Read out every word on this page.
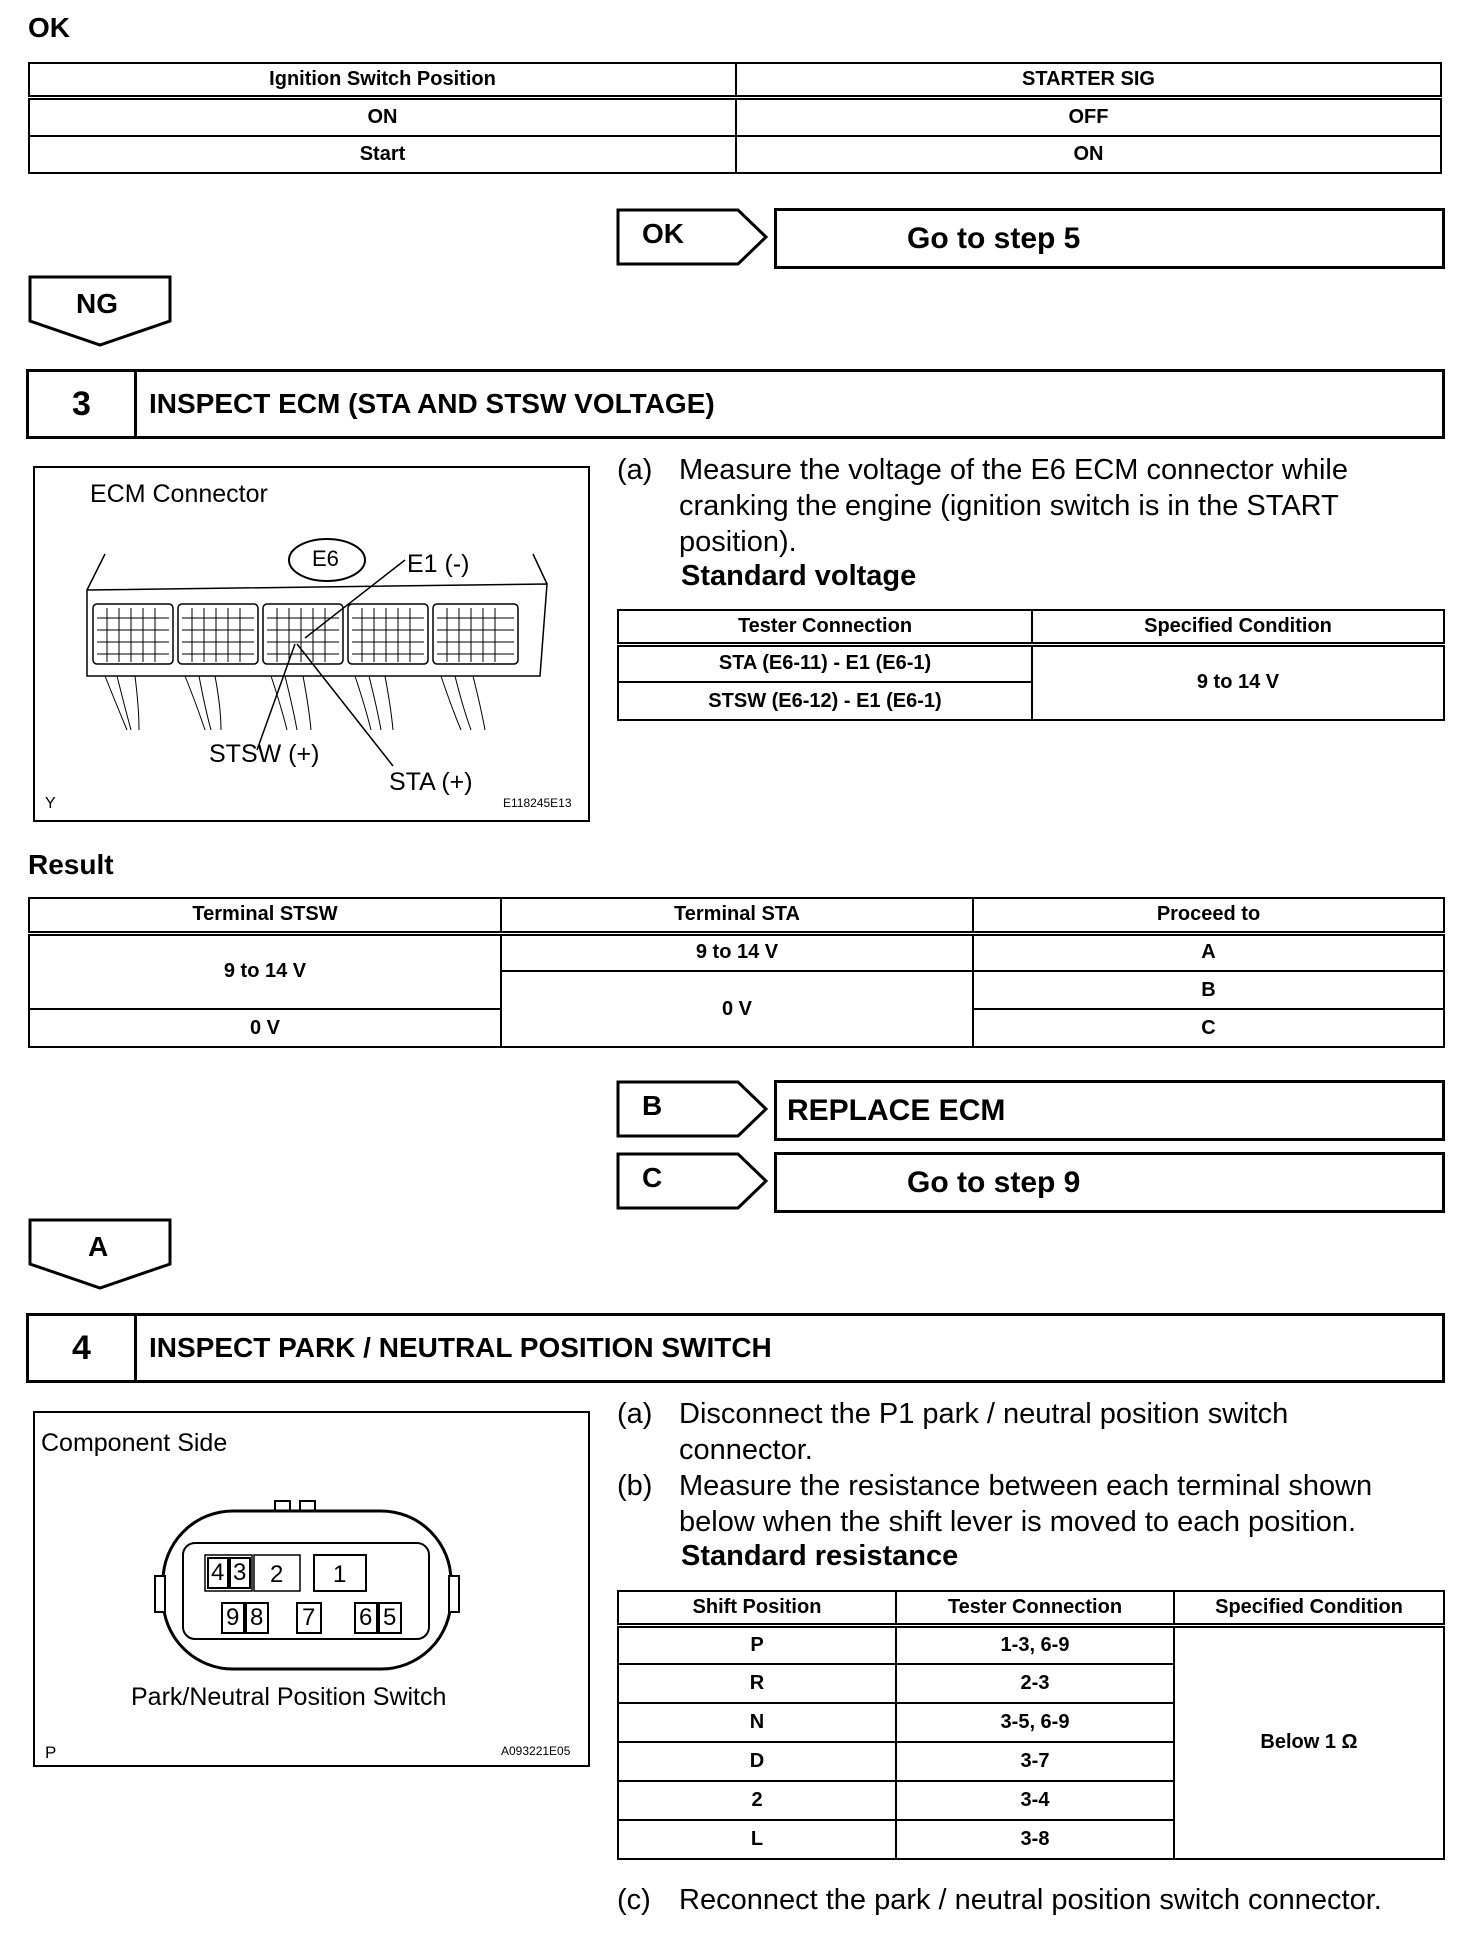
OK
Ignition Switch Position	STARTER SIG
ON	OFF
Start	ON
OK	Go to step 5
NG
3	INSPECT ECM (STA AND STSW VOLTAGE)
ECM Connector
E6	E1 (-)
STSW (+)
STA (+)
Y	E118245E13
(a) Measure the voltage of the E6 ECM connector while cranking the engine (ignition switch is in the START position).
Standard voltage
Tester Connection	Specified Condition
STA (E6-11) - E1 (E6-1)	9 to 14 V
STSW (E6-12) - E1 (E6-1)	
Result
Terminal STSW	Terminal STA	Proceed to
9 to 14 V	9 to 14 V	A
	0 V	B
0 V		C
B	REPLACE ECM
C	Go to step 9
A
4	INSPECT PARK / NEUTRAL POSITION SWITCH
Component Side
4 3 2 1
9 8 7 6 5
Park/Neutral Position Switch
P	A093221E05
(a) Disconnect the P1 park / neutral position switch connector.
(b) Measure the resistance between each terminal shown below when the shift lever is moved to each position.
Standard resistance
Shift Position	Tester Connection	Specified Condition
P	1-3, 6-9	Below 1 Ω
R	2-3	
N	3-5, 6-9	
D	3-7	
2	3-4	
L	3-8	
(c) Reconnect the park / neutral position switch connector.
